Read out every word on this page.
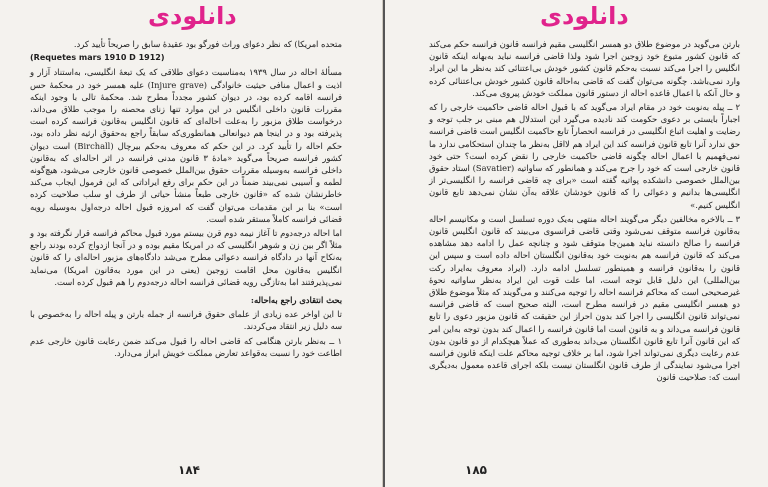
دانلودی

متحده امریکا) که نظر دعوای وراث فورگو بود عقیدهٔ سابق را صریحاً تأیید کرد.

(Requetes mars 1910 D 1912)

مسألهٔ احاله در سال ۱۹۳۹ به‌مناسبت دعوای طلاقی که یک تبعهٔ انگلیسی، به‌استناد آزار و اذیت و اعمال منافی حیثیت خانوادگی (Injure grave) علیه همسر خود در محکمهٔ حس فرانسه اقامه کرده بود، در دیوان کشور مجدداً مطرح شد. محکمهٔ تالی با وجود اینکه مقررات قانون داخلی انگلیس در این موارد تنها زنای محصنه را موجب طلاق می‌داند، درخواست طلاق مزبور را به‌علت احاله‌ای که قانون انگلیس به‌قانون فرانسه کرده است پذیرفته بود و در اینجا هم دیوانعالی همانطوری‌که سابقاً راجع به‌حقوق ارثیه نظر داده بود، حکم احاله را تأیید کرد. در این حکم که معروف به‌حکم بیرچال (Birchall) است دیوان کشور فرانسه صریحاً می‌گوید «مادهٔ ۳ قانون مدنی فرانسه در اثر احاله‌ای که به‌قانون داخلی فرانسه به‌وسیله مقررات حقوق بین‌الملل خصوصی قانون خارجی می‌شود، هیچ‌گونه لطمه و آسیبی نمی‌بیند ضمناً در این حکم برای رفع ایراداتی که این فرمول ایجاب می‌کند خاطرنشان شده که «قانون خارجی طبعاً منشأ حیاتی از طرف او سلب صلاحیت کرده است» بنا بر این مقدمات می‌توان گفت که امروزه قبول احاله درجه‌اول به‌وسیله رویه قضائی فرانسه کاملاً مستقر شده است.

اما احاله درجه‌دوم تا آغاز نیمه دوم قرن بیستم مورد قبول محاکم فرانسه قرار نگرفته بود و مثلاً اگر بین زن و شوهر انگلیسی که در امریکا مقیم بوده و در آنجا ازدواج کرده بودند راجع به‌نکاح آنها در دادگاه فرانسه دعوائی مطرح می‌شد دادگاه‌های مزبور احاله‌ای را که قانون انگلیس به‌قانون محل اقامت زوجین (یعنی در این مورد به‌قانون امریکا) می‌نماید نمی‌پذیرفتند اما به‌تازگی رویه قضائی فرانسه احاله درجه‌دوم را هم قبول کرده است.

بحث انتقادی راجع به‌احاله:

تا این اواخر عده زیادی از علمای حقوق فرانسه از جمله بارتن و پیله احاله را به‌خصوص با سه دلیل زیر انتقاد می‌کردند.

۱ ــ به‌نظر بارتن هنگامی که قاضی احاله را قبول می‌کند ضمن رعایت قانون خارجی عدم اطاعت خود را نسبت به‌قواعد تعارض مملکت خویش ابراز می‌دارد.

۱۸۴
دانلودی

بارتن می‌گوید در موضوع طلاق دو همسر انگلیسی مقیم فرانسه قانون فرانسه حکم می‌کند که قانون کشور متبوع خود زوجین اجرا شود ولذا قاضی فرانسه نباید به‌بهانه اینکه قانون انگلیس را اجرا می‌کند نسبت به‌حکم قانون کشور خودش بی‌اعتنائی کند به‌نظر ما این ایراد وارد نمی‌باشد. چگونه می‌توان گفت که قاضی به‌احاله قانون کشور خودش بی‌اعتنائی کرده و حال آنکه با اعمال قاعده احاله از دستور قانون مملکت خودش پیروی می‌کند.

۲ ــ پیله به‌نوبت خود در مقام ایراد می‌گوید که با قبول احاله قاضی حاکمیت خارجی را که اجباراً بایستی بر دعوی حکومت کند نادیده می‌گیرد این استدلال هم مبنی بر جلب توجه و رضایت و اهلیت اتباع انگلیسی در فرانسه انحصاراً تابع حاکمیت انگلیس است قاضی فرانسه حق ندارد آنرا تابع قانون فرانسه کند این ایراد هم لااقل به‌نظر ما چندان استحکامی ندارد ما نمی‌فهمیم با اعمال احاله چگونه قاضی حاکمیت خارجی را نقض کرده است؟ حتی خود قانون خارجی است که خود را جرح می‌کند و همانطور که ساواتیه (Savatier) استاد حقوق بین‌الملل خصوصی دانشکده پواتیه گفته است «برای چه قاضی فرانسه را انگلیسی‌تر از انگلیسی‌ها بدانیم و دعوائی را که قانون خودشان علاقه به‌آن نشان نمی‌دهد تابع قانون انگلیس کنیم.»

۳ ــ بالاخره مخالفین دیگر می‌گویند احاله منتهی به‌یک دوره تسلسل است و مکانیسم احاله به‌قانون فرانسه متوقف نمی‌شود وقتی قاضی فرانسوی می‌بیند که قانون انگلیس قانون فرانسه را صالح دانسته نباید همین‌جا متوقف شود و چنانچه عمل را ادامه دهد مشاهده می‌کند که قانون فرانسه هم به‌نوبت خود به‌قانون انگلستان احاله داده است و سپس این قانون را به‌قانون فرانسه و همینطور تسلسل ادامه دارد. (ایراد معروف به‌ایراد رکت بین‌المللی) این دلیل قابل توجه است، اما علت قوت این ایراد به‌نظر ساواتیه نحوهٔ غیرصحیحی است که محاکم فرانسه احاله را توجیه می‌کنند و می‌گویند که مثلاً موضوع طلاق دو همسر انگلیسی مقیم در فرانسه مطرح است، البته صحیح است که قاضی فرانسه نمی‌تواند قانون انگلیسی را اجرا کند بدون احراز این حقیقت که قانون مزبور دعوی را تابع قانون فرانسه می‌داند و به قانون است اما قانون فرانسه را اعمال کند بدون توجه به‌این امر که این قانون آنرا تابع قانون انگلستان می‌داند به‌طوری که عملاً هیچکدام از دو قانون بدون عدم رعایت دیگری نمی‌تواند اجرا شود، اما بر خلاف توجیه محاکم علت اینکه قانون فرانسه اجرا می‌شود نمایندگی از طرف قانون انگلستان نیست بلکه اجرای قاعده معمول به‌دیگری است که: صلاحیت قانون

۱۸۵
